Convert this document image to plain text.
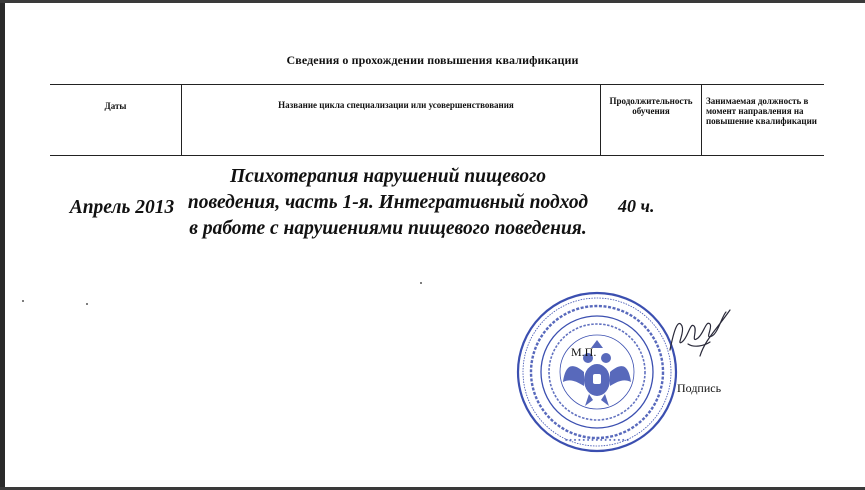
Сведения о прохождении повышения квалификации
Даты	Название цикла специализации или усовершенствования	Продолжительность обучения
Занимаемая должность в момент направления на повышение квалификации
Апрель 2013
Психотерапия нарушений пищевого поведения, часть 1-я. Интегративный подход в работе с нарушениями пищевого поведения.
40 ч.
∙∙∙∙∙∙∙∙∙∙∙∙∙∙∙
М.П.
Подпись
